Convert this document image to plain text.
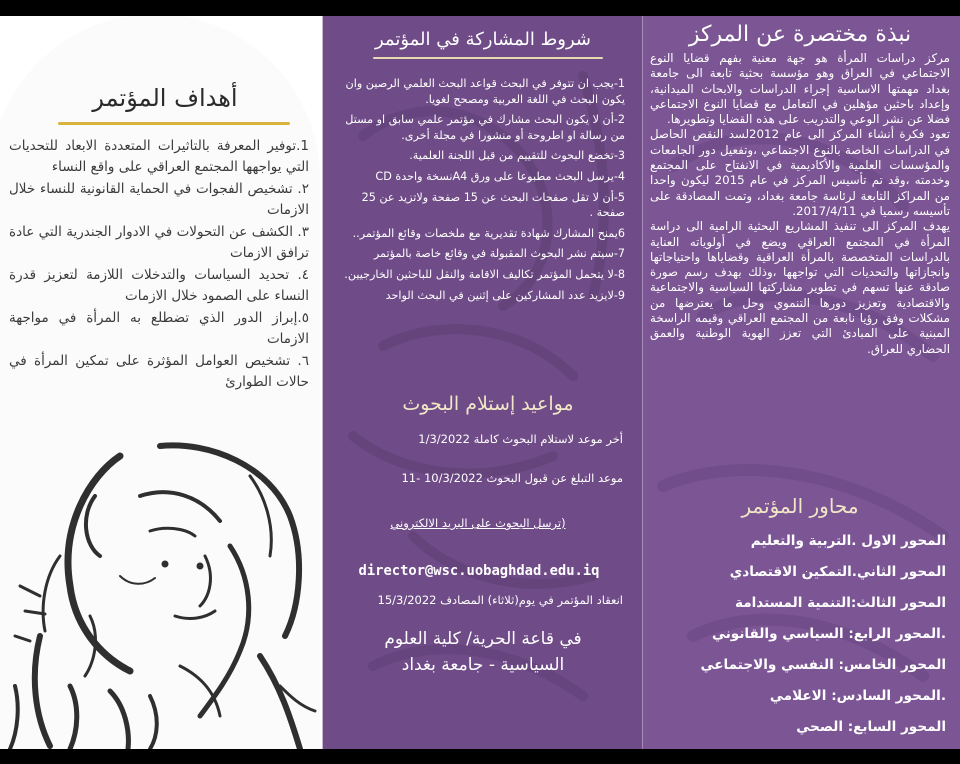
أهداف المؤتمر
1.توفير المعرفة بالتاثيرات المتعددة الابعاد للتحديات التي يواجهها المجتمع العراقي على واقع النساء
٢. تشخيص الفجوات في الحماية القانونية للنساء خلال الازمات
٣. الكشف عن التحولات في الادوار الجندرية التي عادة ترافق الازمات
٤. تحديد السياسات والتدخلات اللازمة لتعزيز قدرة النساء على الصمود خلال الازمات
٥.إبراز الدور الذي تضطلع به المرأة في مواجهة الازمات
٦. تشخيص العوامل المؤثرة على تمكين المرأة في حالات الطوارئ
شروط المشاركة في المؤتمر
1-يجب ان تتوفر في البحث قواعد البحث العلمي الرصين وان يكون البحث في اللغة العربية ومصحح لغويا.
2-أن لا يكون البحث مشارك في مؤتمر علمي سابق او مستل من رسالة او اطروحة أو منشورا في مجلة أخرى.
3-تخضع البحوث للتقييم من قبل اللجنة العلمية.
4-يرسل البحث مطبوعا على ورق A4نسخة واحدة CD
5-أن لا تقل صفحات البحث عن 15 صفحة ولاتزيد عن 25 صفحة .
6يمنح المشارك شهادة تقديرية مع ملخصات وقائع المؤتمر..
7-سيتم نشر البحوث المقبولة في وقائع خاصة بالمؤتمر
8-لا يتحمل المؤتمر تكاليف الاقامة والنقل للباحثين الخارجيين.
9-لايزيد عدد المشاركين على إثنين في البحث الواحد
مواعيد إستلام البحوث
أخر موعد لاستلام البحوث كاملة 1/3/2022
موعد التبلغ عن قبول البحوث 10/3/2022 -11
(ترسل البحوث على البريد الالكتروني
director@wsc.uobaghdad.edu.iq
انعقاد المؤتمر في يوم(ثلاثاء) المصادف 15/3/2022
في قاعة الحرية/ كلية العلوم
السياسية - جامعة بغداد
نبذة مختصرة عن المركز
مركز دراسات المرأة هو جهة معنية بفهم قضايا النوع الاجتماعي في العراق وهو مؤسسة بحثية تابعة الى جامعة بغداد مهمتها الاساسية إجراء الدراسات والابحاث الميدانية، وإعداد باحثين مؤهلين في التعامل مع قضايا النوع الاجتماعي فضلا عن نشر الوعي والتدريب على هذه القضايا وتطويرها.
تعود فكرة أنشاء المركز الى عام 2012لسد النقص الحاصل في الدراسات الخاصة بالنوع الاجتماعي ،وتفعيل دور الجامعات والمؤسسات العلمية والأكاديمية في الانفتاح على المجتمع وخدمته ،وقد تم تأسيس المركز في عام 2015 ليكون واحدا من المراكز التابعة لرئاسة جامعة بغداد، وتمت المصادقة على تأسيسه رسميا في 2017/4/11.
يهدف المركز الى تنفيذ المشاريع البحثية الرامية الى دراسة المرأة في المجتمع العراقي ويضع في أولوياته العناية بالدراسات المتخصصة بالمرأة العراقية وقضاياها واحتياجاتها وانجازاتها والتحديات التي تواجهها ،وذلك بهدف رسم صورة صادقة عنها تسهم في تطوير مشاركتها السياسية والاجتماعية والاقتصادية وتعزيز دورها التنموي وحل ما يعترضها من مشكلات وفق رؤيا نابعة من المجتمع العراقي وقيمه الراسخة المبنية على المبادئ التي تعزز الهوية الوطنية والعمق الحضاري للعراق.
محاور المؤتمر
المحور الاول .التربية والتعليم
المحور الثاني.التمكين الاقتصادي
المحور الثالث:التنمية المستدامة
.المحور الرابع: السياسي والقانوني
المحور الخامس: النفسي والاجتماعي
.المحور السادس: الاعلامي
المحور السابع: الصحي
